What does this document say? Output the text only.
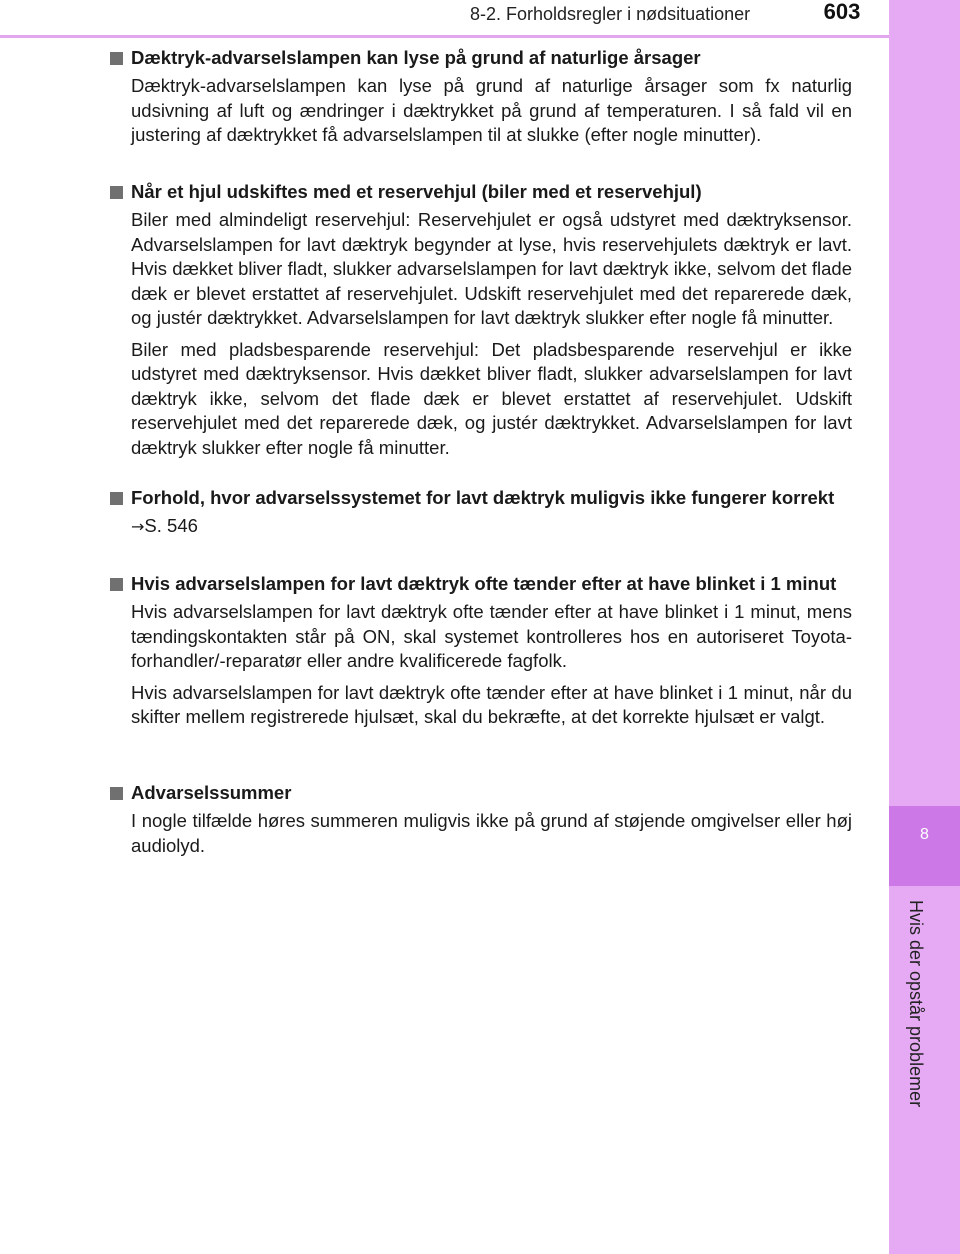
8-2. Forholdsregler i nødsituationer	603
8
Hvis der opstår problemer
Dæktryk-advarselslampen kan lyse på grund af naturlige årsager

Dæktryk-advarselslampen kan lyse på grund af naturlige årsager som fx naturlig udsivning af luft og ændringer i dæktrykket på grund af temperaturen. I så fald vil en justering af dæktrykket få advarselslampen til at slukke (efter nogle minutter).

Når et hjul udskiftes med et reservehjul (biler med et reservehjul)

Biler med almindeligt reservehjul: Reservehjulet er også udstyret med dæktryksensor. Advarselslampen for lavt dæktryk begynder at lyse, hvis reservehjulets dæktryk er lavt. Hvis dækket bliver fladt, slukker advarselslampen for lavt dæktryk ikke, selvom det flade dæk er blevet erstattet af reservehjulet. Udskift reservehjulet med det reparerede dæk, og justér dæktrykket. Advarselslampen for lavt dæktryk slukker efter nogle få minutter.

Biler med pladsbesparende reservehjul: Det pladsbesparende reservehjul er ikke udstyret med dæktryksensor. Hvis dækket bliver fladt, slukker advarselslampen for lavt dæktryk ikke, selvom det flade dæk er blevet erstattet af reservehjulet. Udskift reservehjulet med det reparerede dæk, og justér dæktrykket. Advarselslampen for lavt dæktryk slukker efter nogle få minutter.

Forhold, hvor advarselssystemet for lavt dæktryk muligvis ikke fungerer korrekt

→S. 546

Hvis advarselslampen for lavt dæktryk ofte tænder efter at have blinket i 1 minut

Hvis advarselslampen for lavt dæktryk ofte tænder efter at have blinket i 1 minut, mens tændingskontakten står på ON, skal systemet kontrolleres hos en autoriseret Toyota-forhandler/-reparatør eller andre kvalificerede fagfolk.

Hvis advarselslampen for lavt dæktryk ofte tænder efter at have blinket i 1 minut, når du skifter mellem registrerede hjulsæt, skal du bekræfte, at det korrekte hjulsæt er valgt.

Advarselssummer

I nogle tilfælde høres summeren muligvis ikke på grund af støjende omgivelser eller høj audiolyd.
